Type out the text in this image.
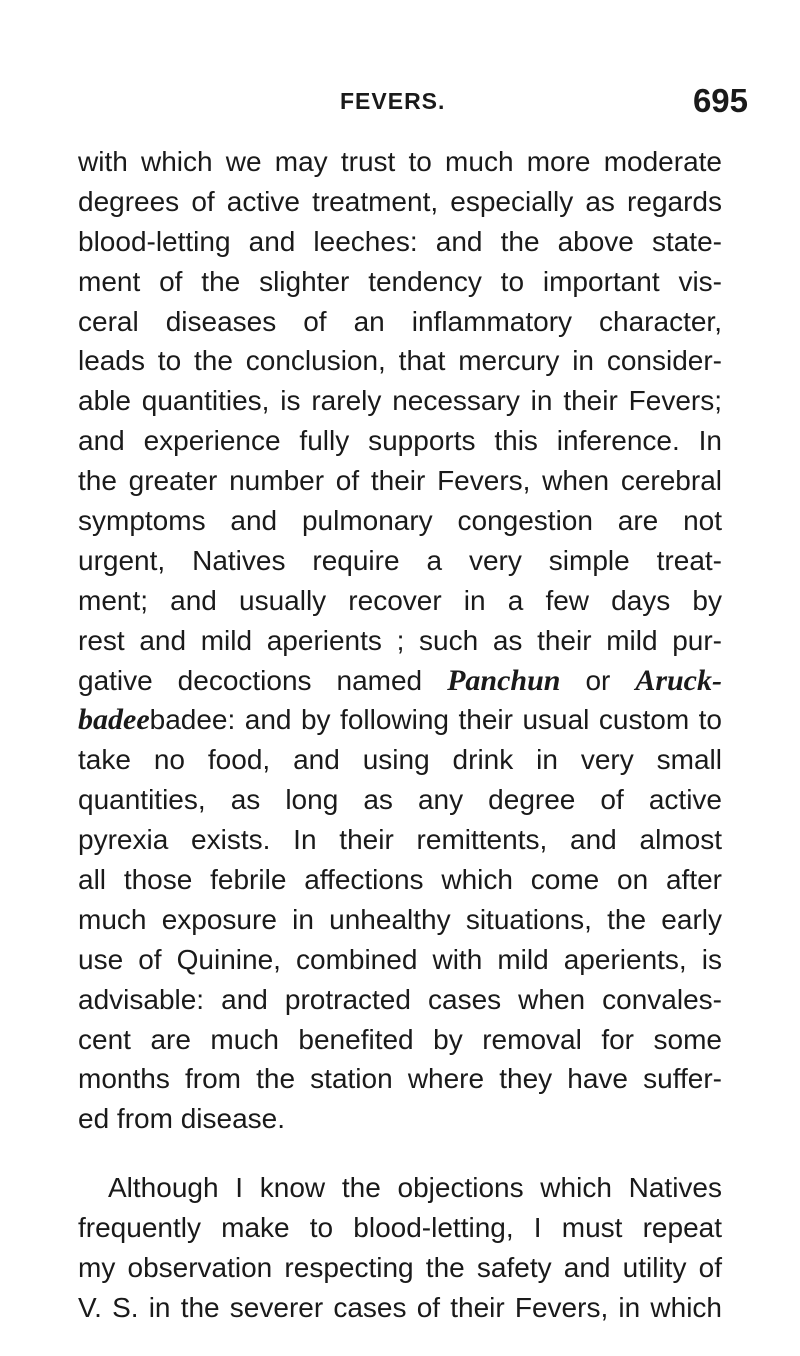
FEVERS.	695
with which we may trust to much more moderate
degrees of active treatment, especially as regards
blood-letting and leeches: and the above state-
ment of the slighter tendency to important vis-
ceral diseases of an inflammatory character,
leads to the conclusion, that mercury in consider-
able quantities, is rarely necessary in their Fevers;
and experience fully supports this inference. In
the greater number of their Fevers, when cerebral
symptoms and pulmonary congestion are not
urgent, Natives require a very simple treat-
ment; and usually recover in a few days by
rest and mild aperients ; such as their mild pur-
gative decoctions named Panchun or Aruck-
badeebadee: and by following their usual custom to
take no food, and using drink in very small
quantities, as long as any degree of active
pyrexia exists. In their remittents, and almost
all those febrile affections which come on after
much exposure in unhealthy situations, the early
use of Quinine, combined with mild aperients, is
advisable: and protracted cases when convales-
cent are much benefited by removal for some
months from the station where they have suffer-
ed from disease.
Although I know the objections which Natives
frequently make to blood-letting, I must repeat
my observation respecting the safety and utility of
V. S. in the severer cases of their Fevers, in which
